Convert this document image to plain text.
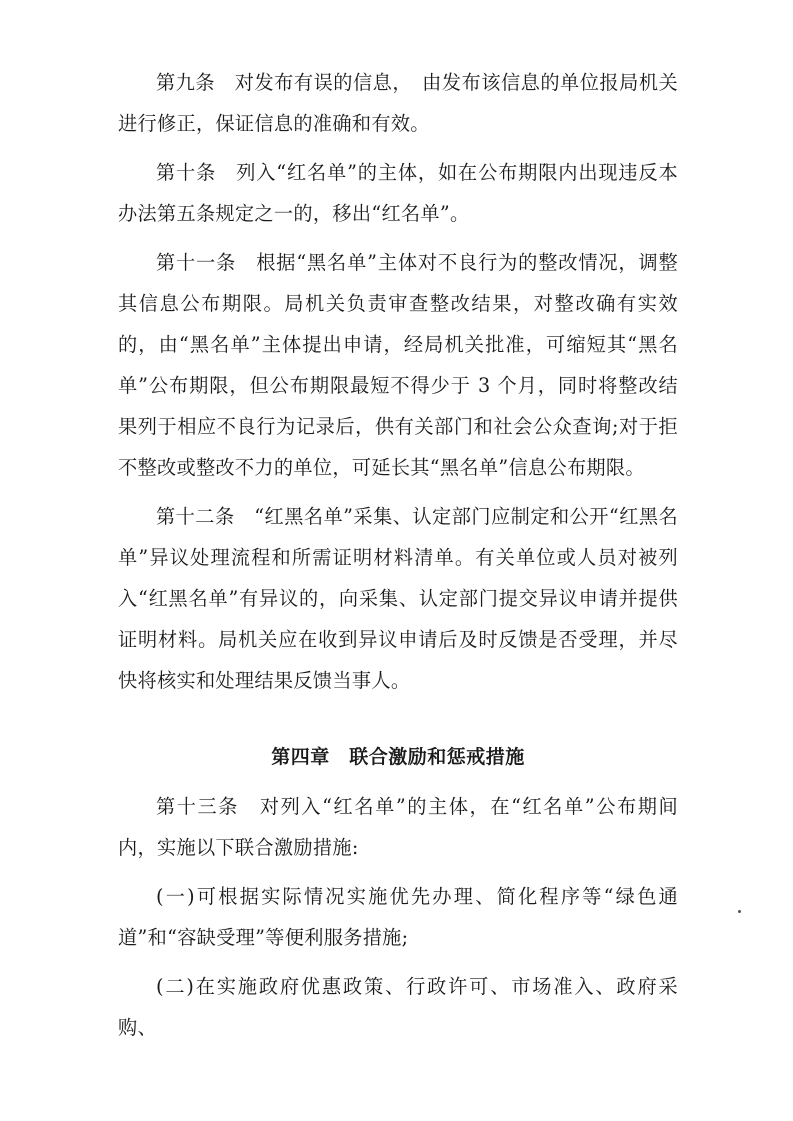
第九条　对发布有误的信息，　由发布该信息的单位报局机关进行修正，保证信息的准确和有效。

第十条　列入“红名单”的主体，如在公布期限内出现违反本办法第五条规定之一的，移出“红名单”。

第十一条　根据“黑名单”主体对不良行为的整改情况，调整其信息公布期限。局机关负责审查整改结果，对整改确有实效的，由“黑名单”主体提出申请，经局机关批准，可缩短其“黑名单”公布期限，但公布期限最短不得少于 3 个月，同时将整改结果列于相应不良行为记录后，供有关部门和社会公众查询;对于拒不整改或整改不力的单位，可延长其“黑名单”信息公布期限。

第十二条　“红黑名单”采集、认定部门应制定和公开“红黑名单”异议处理流程和所需证明材料清单。有关单位或人员对被列入“红黑名单”有异议的，向采集、认定部门提交异议申请并提供证明材料。局机关应在收到异议申请后及时反馈是否受理，并尽快将核实和处理结果反馈当事人。

第四章　联合激励和惩戒措施

第十三条　对列入“红名单”的主体，在“红名单”公布期间内，实施以下联合激励措施:

(一)可根据实际情况实施优先办理、简化程序等“绿色通道”和“容缺受理”等便利服务措施;

(二)在实施政府优惠政策、行政许可、市场准入、政府采购、
